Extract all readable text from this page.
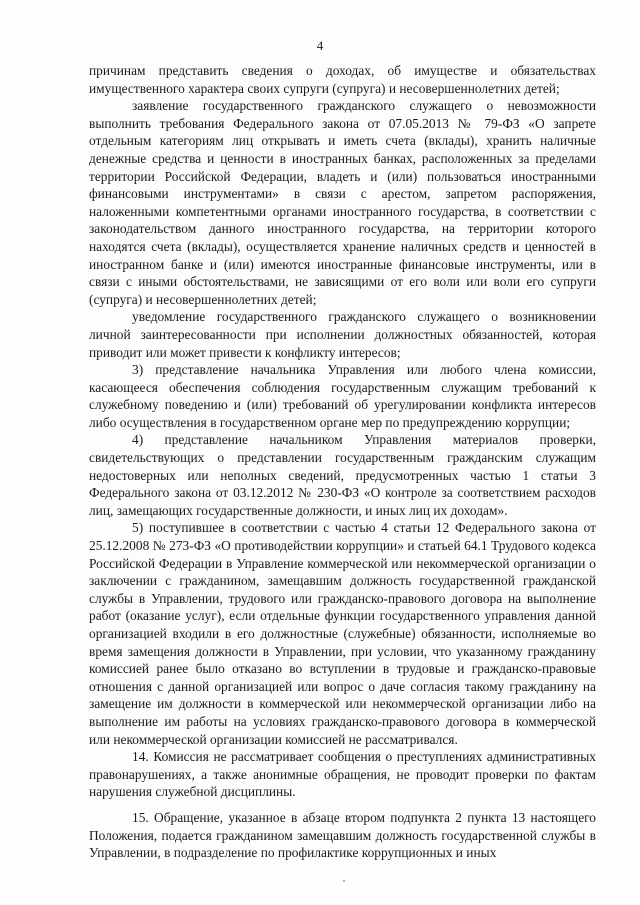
4

причинам представить сведения о доходах, об имуществе и обязательствах имущественного характера своих супруги (супруга) и несовершеннолетних детей;

заявление государственного гражданского служащего о невозможности выполнить требования Федерального закона от 07.05.2013 № 79-ФЗ «О запрете отдельным категориям лиц открывать и иметь счета (вклады), хранить наличные денежные средства и ценности в иностранных банках, расположенных за пределами территории Российской Федерации, владеть и (или) пользоваться иностранными финансовыми инструментами» в связи с арестом, запретом распоряжения, наложенными компетентными органами иностранного государства, в соответствии с законодательством данного иностранного государства, на территории которого находятся счета (вклады), осуществляется хранение наличных средств и ценностей в иностранном банке и (или) имеются иностранные финансовые инструменты, или в связи с иными обстоятельствами, не зависящими от его воли или воли его супруги (супруга) и несовершеннолетних детей;

уведомление государственного гражданского служащего о возникновении личной заинтересованности при исполнении должностных обязанностей, которая приводит или может привести к конфликту интересов;

3) представление начальника Управления или любого члена комиссии, касающееся обеспечения соблюдения государственным служащим требований к служебному поведению и (или) требований об урегулировании конфликта интересов либо осуществления в государственном органе мер по предупреждению коррупции;

4) представление начальником Управления материалов проверки, свидетельствующих о представлении государственным гражданским служащим недостоверных или неполных сведений, предусмотренных частью 1 статьи 3 Федерального закона от 03.12.2012 № 230-ФЗ «О контроле за соответствием расходов лиц, замещающих государственные должности, и иных лиц их доходам».

5) поступившее в соответствии с частью 4 статьи 12 Федерального закона от 25.12.2008 № 273-ФЗ «О противодействии коррупции» и статьей 64.1 Трудового кодекса Российской Федерации в Управление коммерческой или некоммерческой организации о заключении с гражданином, замещавшим должность государственной гражданской службы в Управлении, трудового или гражданско-правового договора на выполнение работ (оказание услуг), если отдельные функции государственного управления данной организацией входили в его должностные (служебные) обязанности, исполняемые во время замещения должности в Управлении, при условии, что указанному гражданину комиссией ранее было отказано во вступлении в трудовые и гражданско-правовые отношения с данной организацией или вопрос о даче согласия такому гражданину на замещение им должности в коммерческой или некоммерческой организации либо на выполнение им работы на условиях гражданско-правового договора в коммерческой или некоммерческой организации комиссией не рассматривался.

14. Комиссия не рассматривает сообщения о преступлениях административных правонарушениях, а также анонимные обращения, не проводит проверки по фактам нарушения служебной дисциплины.

15. Обращение, указанное в абзаце втором подпункта 2 пункта 13 настоящего Положения, подается гражданином замещавшим должность государственной службы в Управлении, в подразделение по профилактике коррупционных и иных
